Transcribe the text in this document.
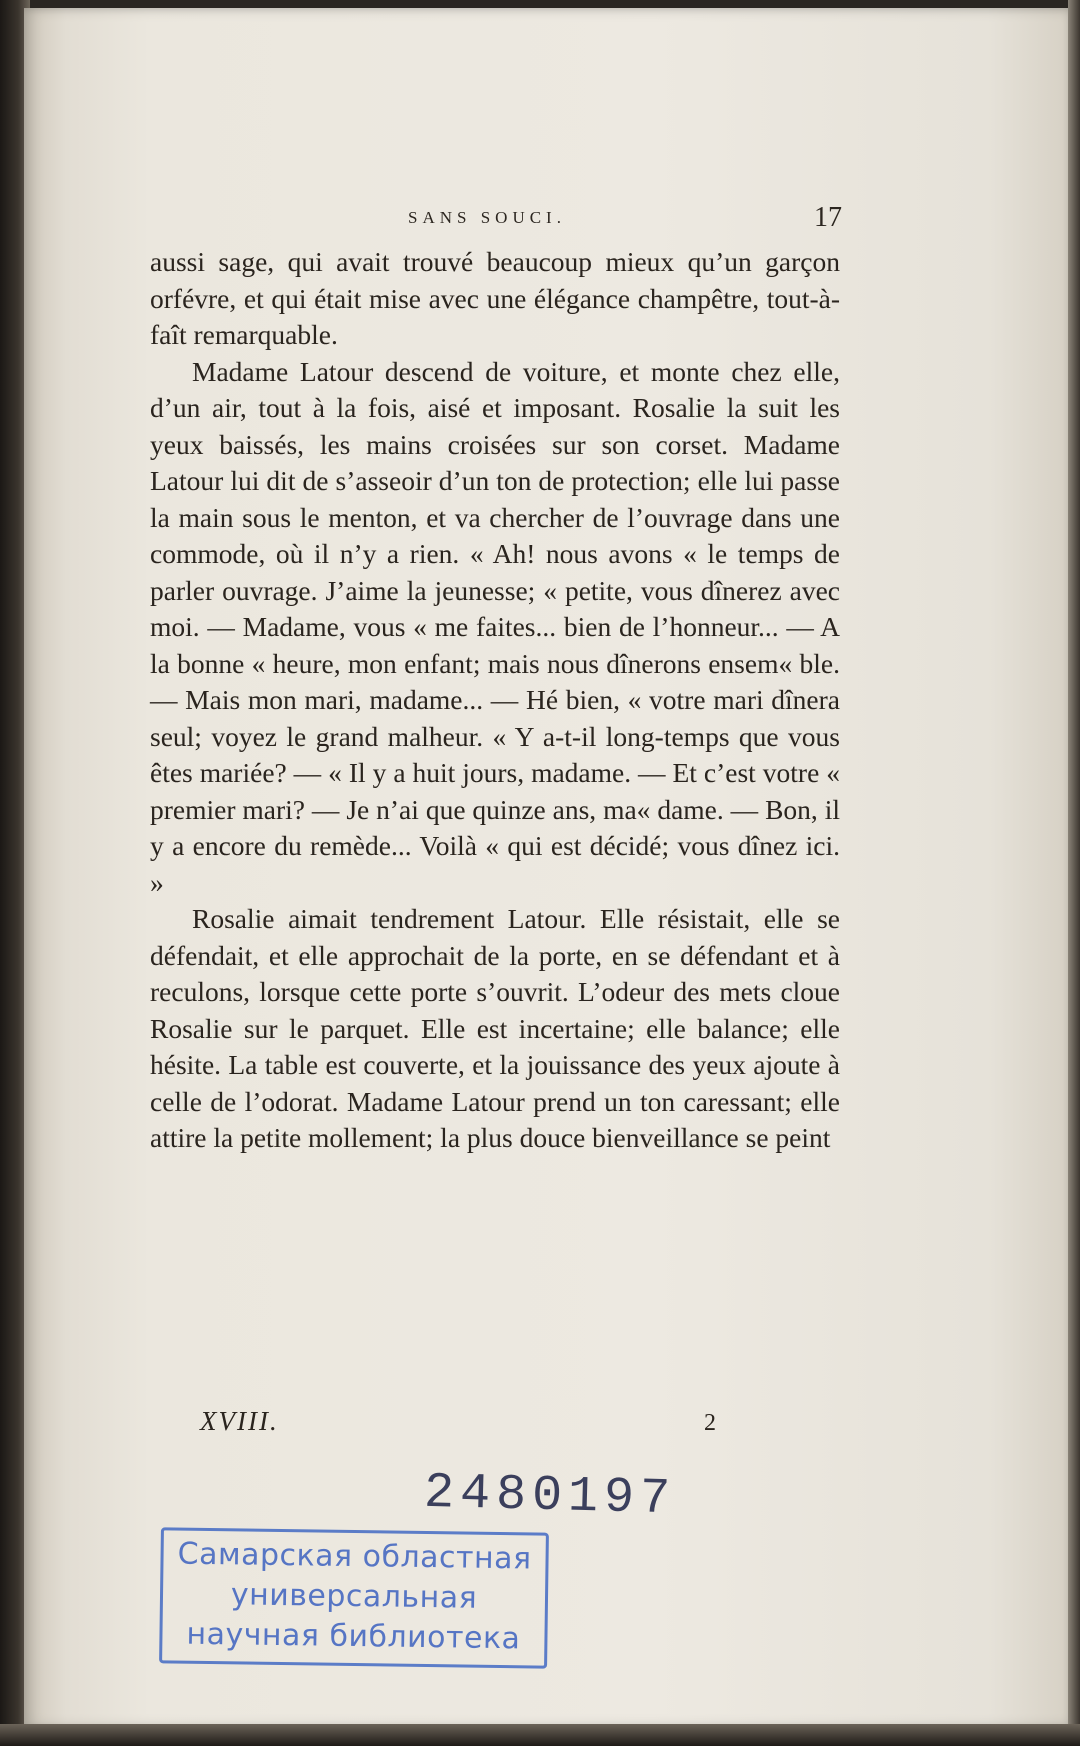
SANS SOUCI.	17

aussi sage, qui avait trouvé beaucoup mieux qu’un garçon orfévre, et qui était mise avec une élégance champêtre, tout-à-faît remarquable.

Madame Latour descend de voiture, et monte chez elle, d’un air, tout à la fois, aisé et imposant. Rosalie la suit les yeux baissés, les mains croisées sur son corset. Madame Latour lui dit de s’asseoir d’un ton de protection; elle lui passe la main sous le menton, et va chercher de l’ouvrage dans une commode, où il n’y a rien. « Ah! nous avons « le temps de parler ouvrage. J’aime la jeunesse; « petite, vous dînerez avec moi. — Madame, vous « me faites... bien de l’honneur... — A la bonne « heure, mon enfant; mais nous dînerons ensem« ble. — Mais mon mari, madame... — Hé bien, « votre mari dînera seul; voyez le grand malheur. « Y a-t-il long-temps que vous êtes mariée? — « Il y a huit jours, madame. — Et c’est votre « premier mari? — Je n’ai que quinze ans, ma« dame. — Bon, il y a encore du remède... Voilà « qui est décidé; vous dînez ici. »

Rosalie aimait tendrement Latour. Elle résistait, elle se défendait, et elle approchait de la porte, en se défendant et à reculons, lorsque cette porte s’ouvrit. L’odeur des mets cloue Rosalie sur le parquet. Elle est incertaine; elle balance; elle hésite. La table est couverte, et la jouissance des yeux ajoute à celle de l’odorat. Madame Latour prend un ton caressant; elle attire la petite mollement; la plus douce bienveillance se peint

XVIII.	2
2480197
Самарская областная
универсальная
научная библиотека
